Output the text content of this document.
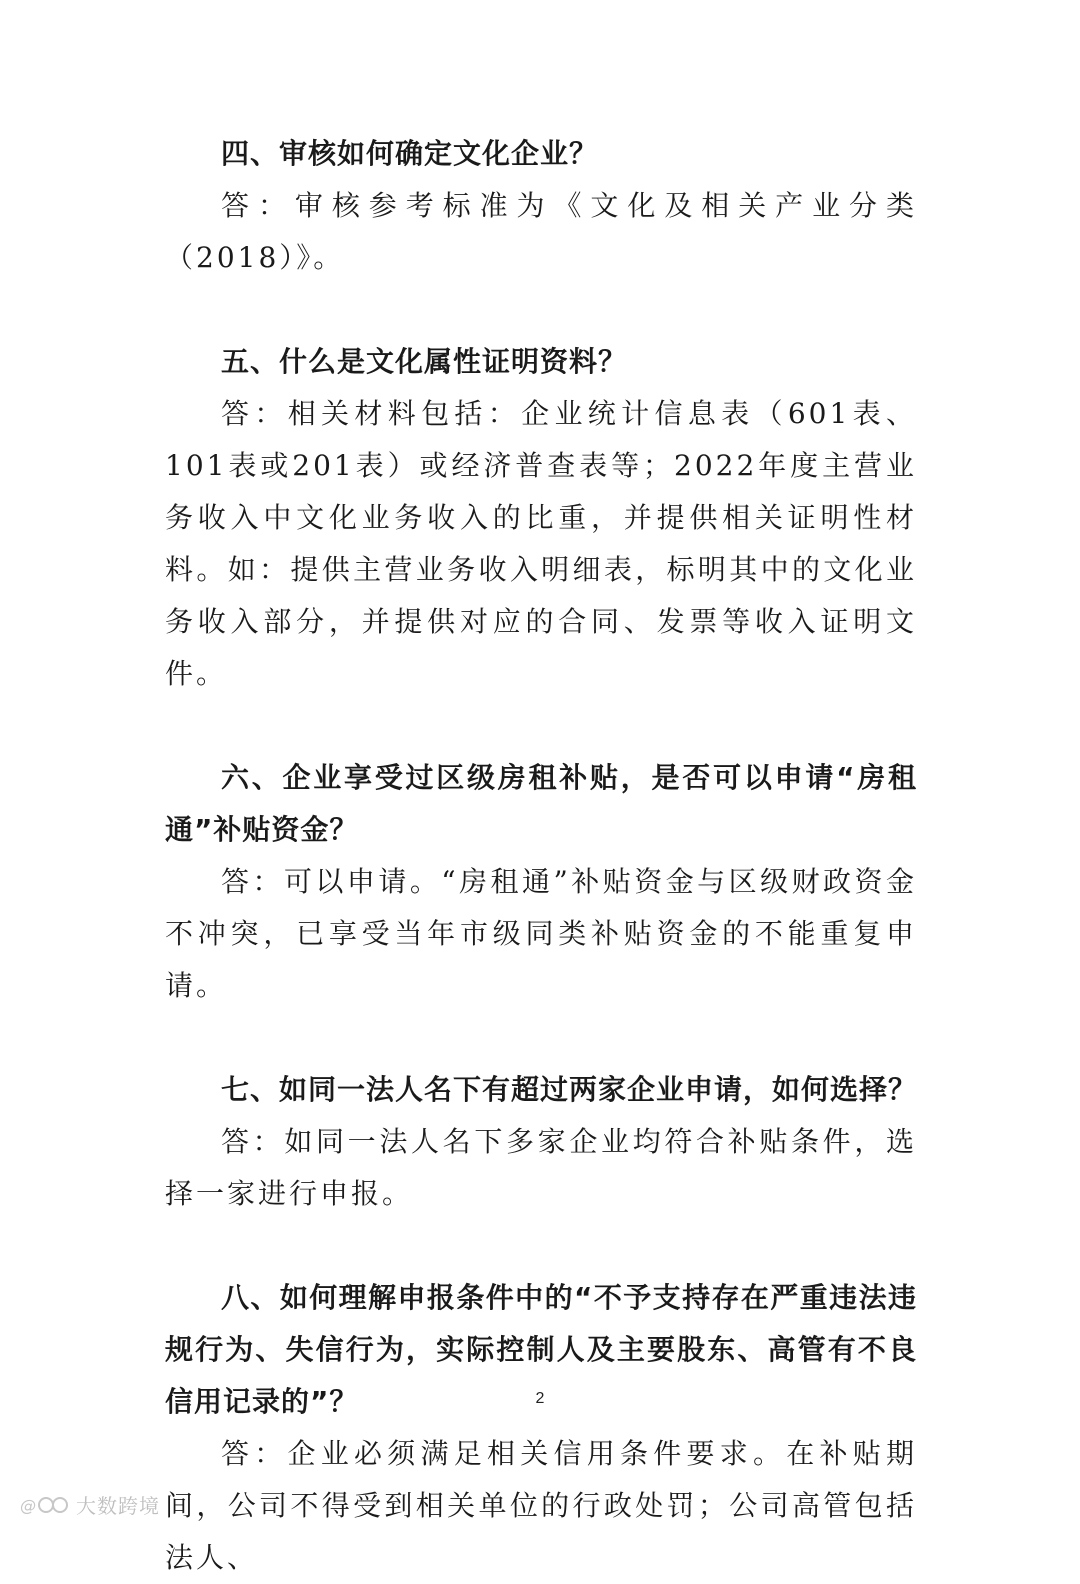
四、审核如何确定文化企业？
答：审核参考标准为《文化及相关产业分类（2018）》。
五、什么是文化属性证明资料？
答：相关材料包括：企业统计信息表（601表、101表或201表）或经济普查表等；2022年度主营业务收入中文化业务收入的比重，并提供相关证明性材料。如：提供主营业务收入明细表，标明其中的文化业务收入部分，并提供对应的合同、发票等收入证明文件。
六、企业享受过区级房租补贴，是否可以申请“房租通”补贴资金？
答：可以申请。“房租通”补贴资金与区级财政资金不冲突，已享受当年市级同类补贴资金的不能重复申请。
七、如同一法人名下有超过两家企业申请，如何选择？
答：如同一法人名下多家企业均符合补贴条件，选择一家进行申报。
八、如何理解申报条件中的“不予支持存在严重违法违规行为、失信行为，实际控制人及主要股东、高管有不良信用记录的”？
答：企业必须满足相关信用条件要求。在补贴期间，公司不得受到相关单位的行政处罚；公司高管包括法人、
2
@ 大数跨境
